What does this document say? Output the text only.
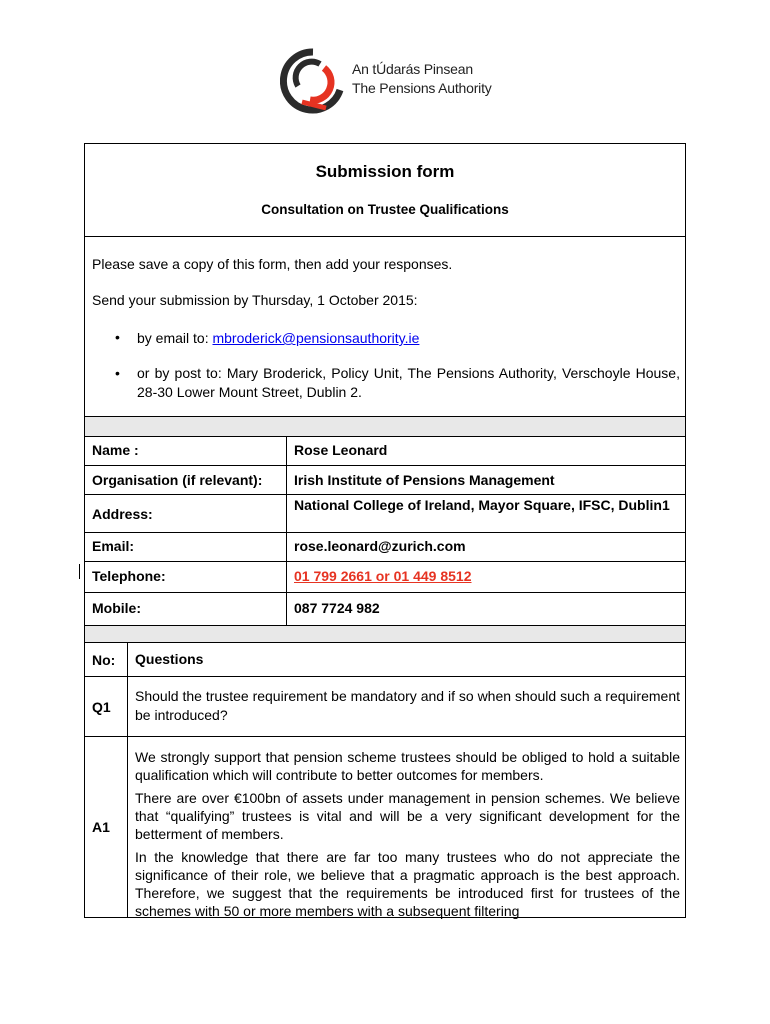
An tÚdarás Pinsean
The Pensions Authority
Submission form
Consultation on Trustee Qualifications
Please save a copy of this form, then add your responses.
Send your submission by Thursday, 1 October 2015:
• by email to: mbroderick@pensionsauthority.ie
• or by post to: Mary Broderick, Policy Unit, The Pensions Authority, Verschoyle House, 28-30 Lower Mount Street, Dublin 2.
Name :	Rose Leonard
Organisation (if relevant): Irish Institute of Pensions Management
Address:
National College of Ireland, Mayor Square, IFSC, Dublin1
Email:	rose.leonard@zurich.com
Telephone:	01 799 2661 or 01 449 8512
Mobile:	087 7724 982
No: Questions
Q1
Should the trustee requirement be mandatory and if so when should such a requirement be introduced?
A1
We strongly support that pension scheme trustees should be obliged to hold a suitable qualification which will contribute to better outcomes for members.
There are over €100bn of assets under management in pension schemes. We believe that “qualifying” trustees is vital and will be a very significant development for the betterment of members.
In the knowledge that there are far too many trustees who do not appreciate the significance of their role, we believe that a pragmatic approach is the best approach. Therefore, we suggest that the requirements be introduced first for trustees of the schemes with 50 or more members with a subsequent filtering
